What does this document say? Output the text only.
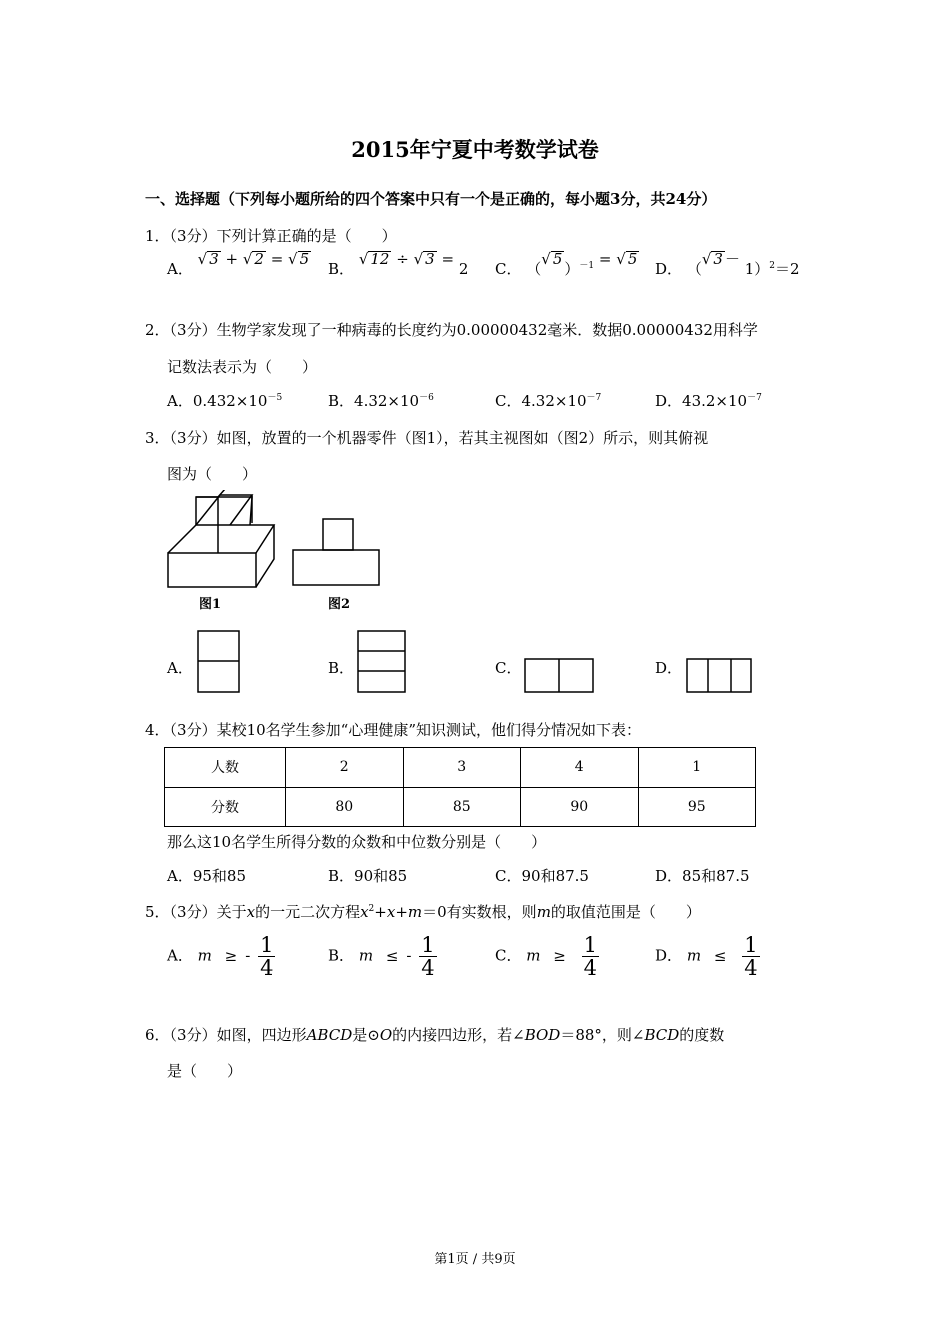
2015年宁夏中考数学试卷
一、选择题（下列每小题所给的四个答案中只有一个是正确的，每小题3分，共24分）
1．（3分）下列计算正确的是（　　）
A． √ 3 + √ 2 = √ 5
B． √ 12 ÷ √ 3 = 2 C． （√ 5）$^{-1}$ = √ 5
D． （√ 3 － 1）$^2$＝2
2．（3分）生物学家发现了一种病毒的长度约为0.00000432毫米．数据0.00000432用科学
记数法表示为（　　）
A．$0.432\times 10^{-5}$	B．$4.32\times 10^{-6}$	C．$4.32\times 10^{-7}$	D．$43.2\times 10^{-7}$
3．（3分）如图，放置的一个机器零件（图1），若其主视图如（图2）所示，则其俯视
图为（　　）
图1	图2
A．	B．	C．	D．
4．（3分）某校10名学生参加“心理健康”知识测试，他们得分情况如下表：
人数	2	3	4	1
分数	80	85	90	95
那么这10名学生所得分数的众数和中位数分别是（　　）
A．95和85	B．90和85	C．90和87.5	D．85和87.5
5．（3分）关于x的一元二次方程$x^2+x+m=0$有实数根，则m的取值范围是（　　）
A． m ≥ - $\frac{1}{4}$	B． m ≤ - $\frac{1}{4}$	C． $m \ge \frac{1}{4}$	D． $m \le \frac{1}{4}$
6．（3分）如图，四边形ABCD是⊙O的内接四边形，若∠BOD＝88°，则∠BCD的度数
是（　　）
第1页 / 共9页
